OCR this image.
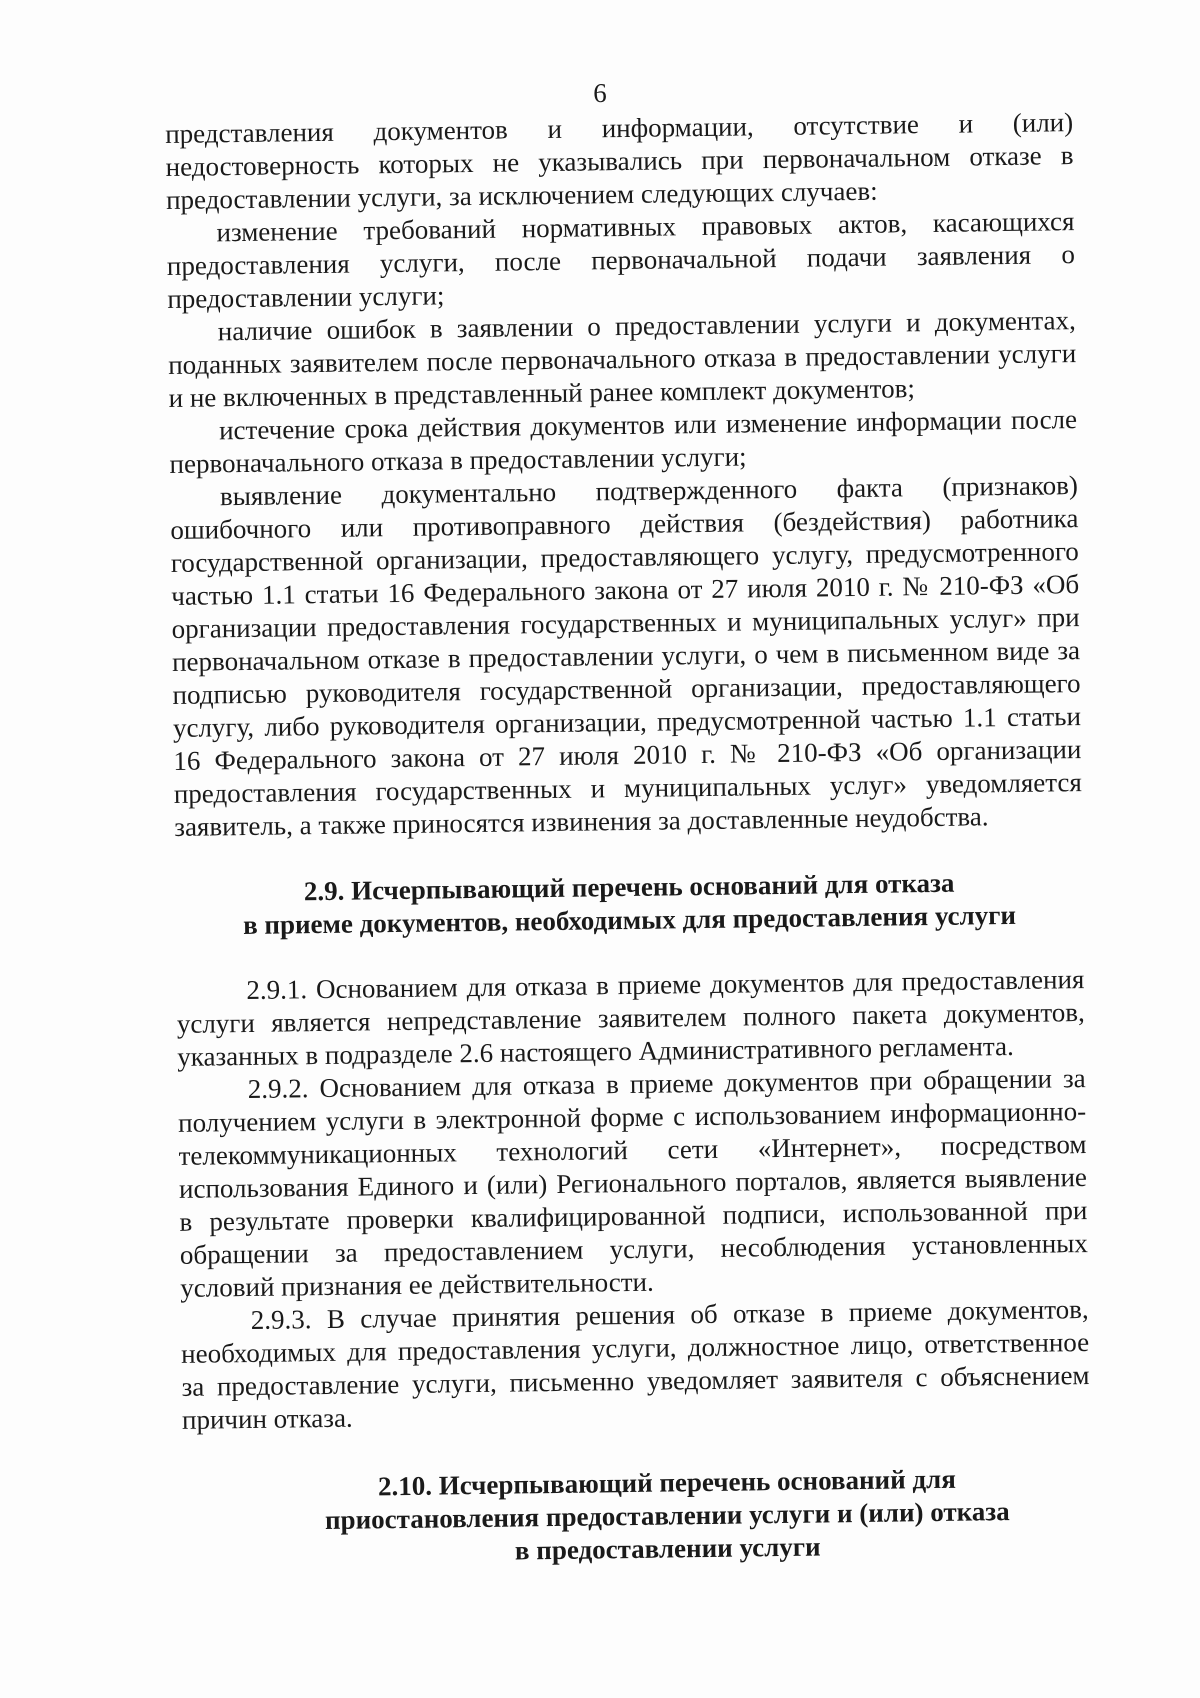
6

представления документов и информации, отсутствие и (или) недостоверность которых не указывались при первоначальном отказе в предоставлении услуги, за исключением следующих случаев:

изменение требований нормативных правовых актов, касающихся предоставления услуги, после первоначальной подачи заявления о предоставлении услуги;

наличие ошибок в заявлении о предоставлении услуги и документах, поданных заявителем после первоначального отказа в предоставлении услуги и не включенных в представленный ранее комплект документов;

истечение срока действия документов или изменение информации после первоначального отказа в предоставлении услуги;

выявление документально подтвержденного факта (признаков) ошибочного или противоправного действия (бездействия) работника государственной организации, предоставляющего услугу, предусмотренного частью 1.1 статьи 16 Федерального закона от 27 июля 2010 г. № 210-ФЗ «Об организации предоставления государственных и муниципальных услуг» при первоначальном отказе в предоставлении услуги, о чем в письменном виде за подписью руководителя государственной организации, предоставляющего услугу, либо руководителя организации, предусмотренной частью 1.1 статьи 16 Федерального закона от 27 июля 2010 г. № 210-ФЗ «Об организации предоставления государственных и муниципальных услуг» уведомляется заявитель, а также приносятся извинения за доставленные неудобства.

2.9. Исчерпывающий перечень оснований для отказа
в приеме документов, необходимых для предоставления услуги

2.9.1. Основанием для отказа в приеме документов для предоставления услуги является непредставление заявителем полного пакета документов, указанных в подразделе 2.6 настоящего Административного регламента.

2.9.2. Основанием для отказа в приеме документов при обращении за получением услуги в электронной форме с использованием информационно-телекоммуникационных технологий сети «Интернет», посредством использования Единого и (или) Регионального порталов, является выявление в результате проверки квалифицированной подписи, использованной при обращении за предоставлением услуги, несоблюдения установленных условий признания ее действительности.

2.9.3. В случае принятия решения об отказе в приеме документов, необходимых для предоставления услуги, должностное лицо, ответственное за предоставление услуги, письменно уведомляет заявителя с объяснением причин отказа.

2.10. Исчерпывающий перечень оснований для
приостановления предоставлении услуги и (или) отказа
в предоставлении услуги
